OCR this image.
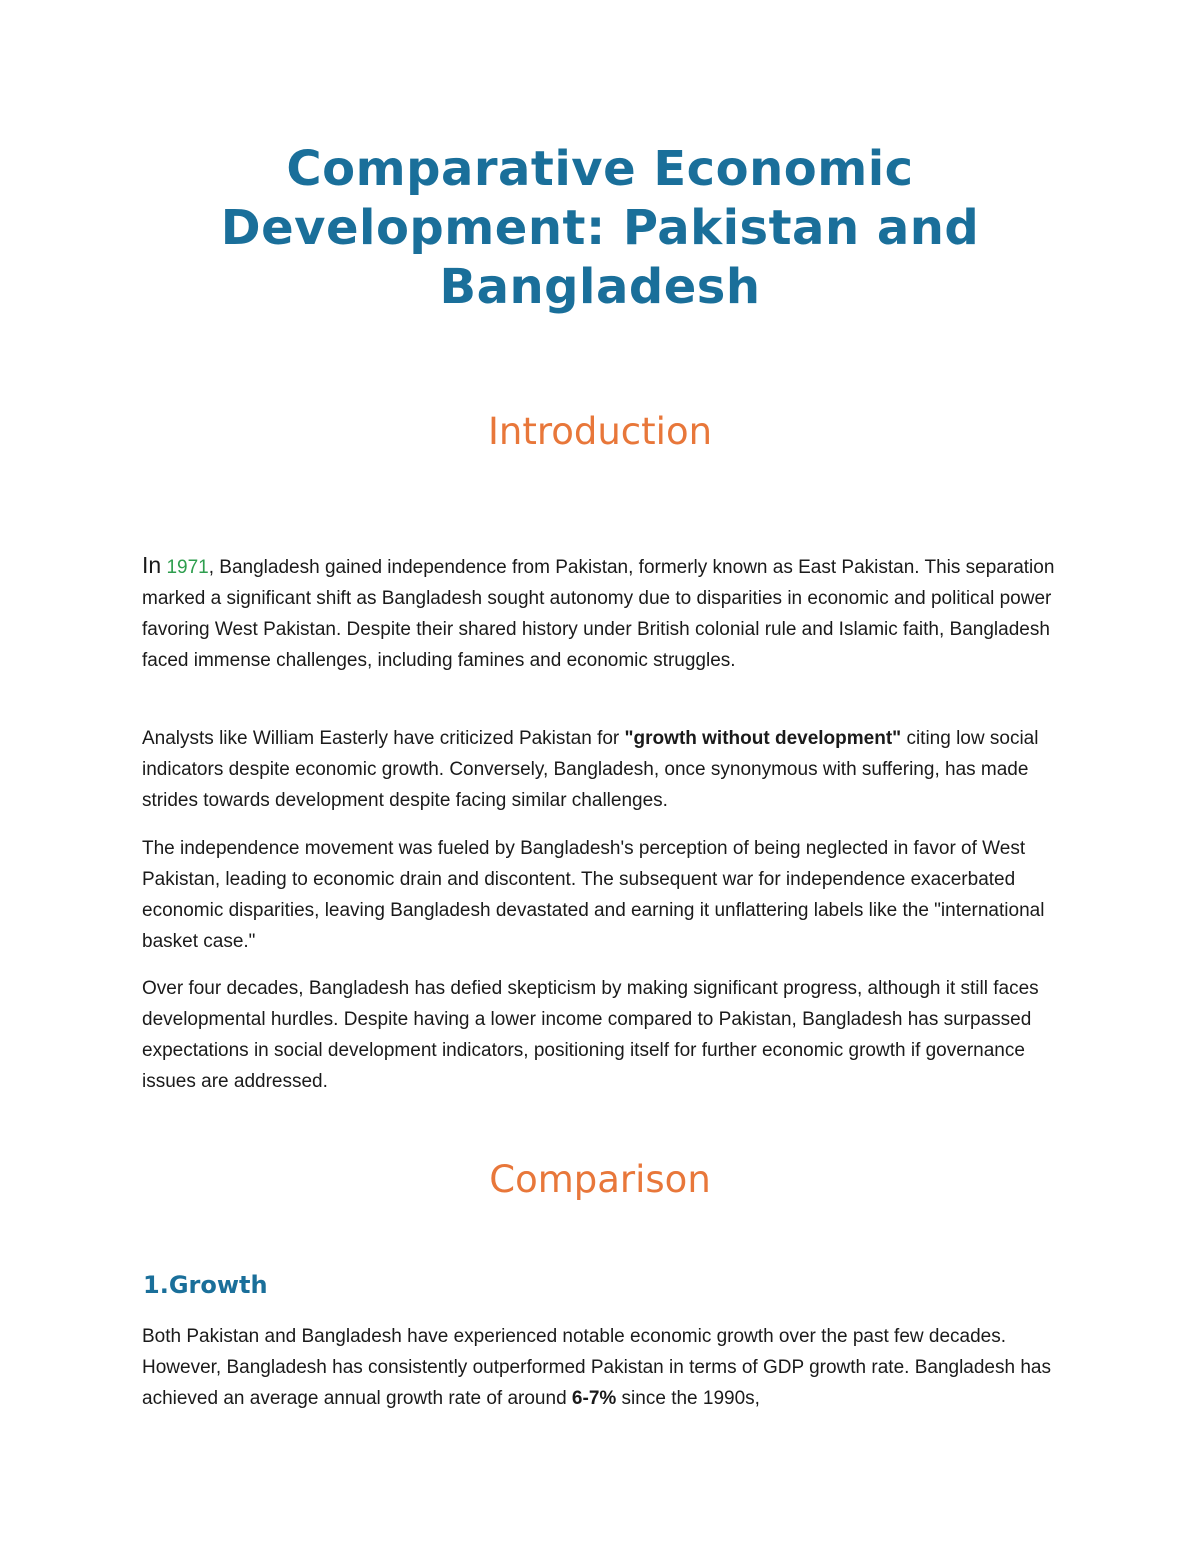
Comparative Economic
Development: Pakistan and
Bangladesh
Introduction

In 1971, Bangladesh gained independence from Pakistan, formerly known as East Pakistan. This separation marked a significant shift as Bangladesh sought autonomy due to disparities in economic and political power favoring West Pakistan. Despite their shared history under British colonial rule and Islamic faith, Bangladesh faced immense challenges, including famines and economic struggles.

Analysts like William Easterly have criticized Pakistan for "growth without development" citing low social indicators despite economic growth. Conversely, Bangladesh, once synonymous with suffering, has made strides towards development despite facing similar challenges.

The independence movement was fueled by Bangladesh's perception of being neglected in favor of West Pakistan, leading to economic drain and discontent. The subsequent war for independence exacerbated economic disparities, leaving Bangladesh devastated and earning it unflattering labels like the "international basket case."

Over four decades, Bangladesh has defied skepticism by making significant progress, although it still faces developmental hurdles. Despite having a lower income compared to Pakistan, Bangladesh has surpassed expectations in social development indicators, positioning itself for further economic growth if governance issues are addressed.

Comparison
1.Growth

Both Pakistan and Bangladesh have experienced notable economic growth over the past few decades. However, Bangladesh has consistently outperformed Pakistan in terms of GDP growth rate. Bangladesh has achieved an average annual growth rate of around 6-7% since the 1990s,
